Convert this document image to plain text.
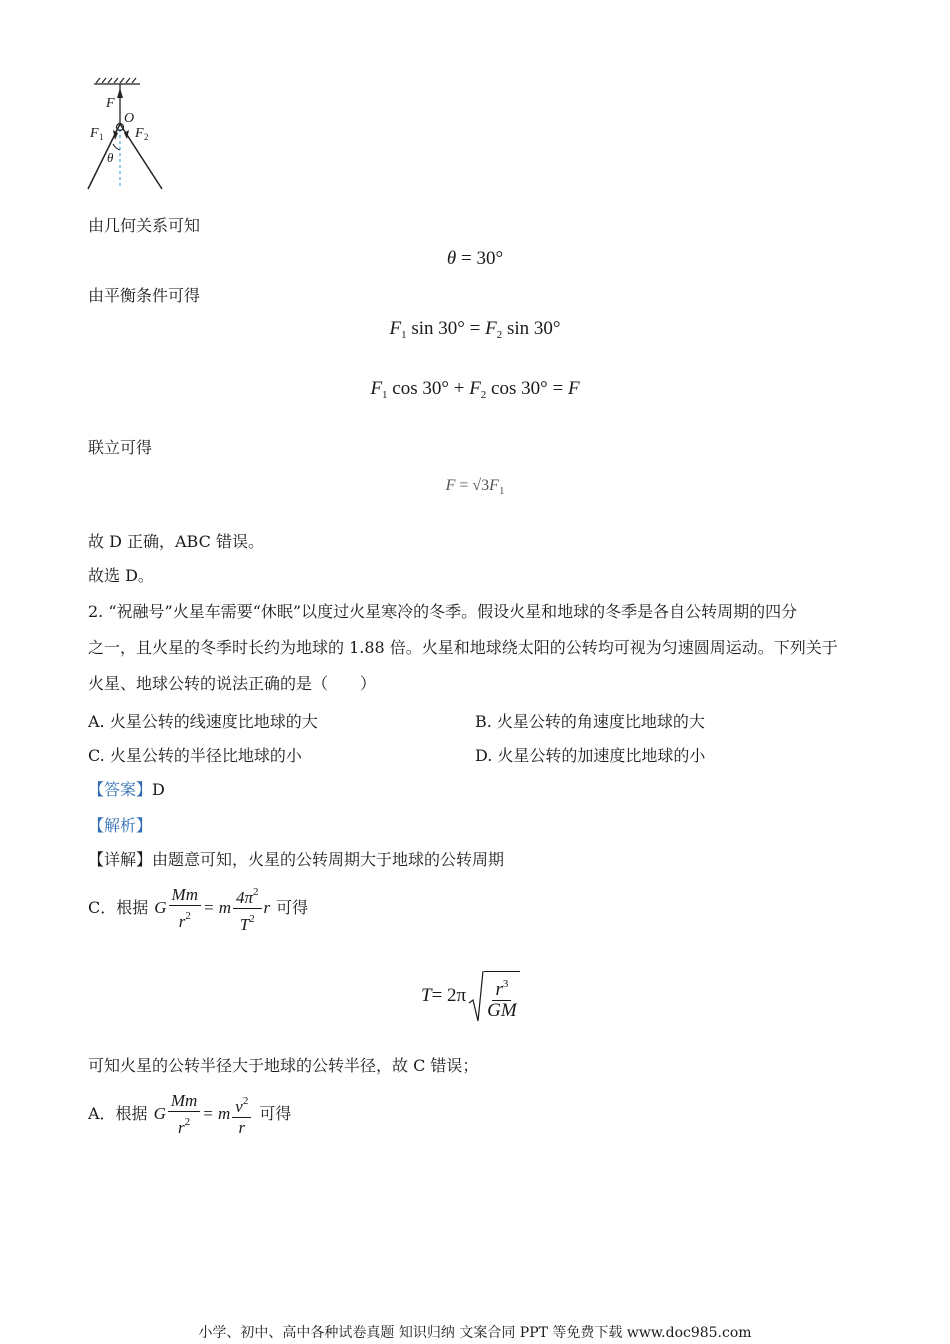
F
O
F 1 F 2
θ
由几何关系可知
θ = 30°
由平衡条件可得
$F_1$ $\sin 30^\circ = F_2$ sin 30°
$F_1$ $\cos 30^\circ + F_2$ cos 30° = F
联立可得
$F = √3F_1$
故 D 正确，ABC 错误。
故选 D。
2. “祝融号”火星车需要“休眠”以度过火星寒冷的冬季。假设火星和地球的冬季是各自公转周期的四分
之一，且火星的冬季时长约为地球的 1.88 倍。火星和地球绕太阳的公转均可视为匀速圆周运动。下列关于
火星、地球公转的说法正确的是（　　）
A. 火星公转的线速度比地球的大	B. 火星公转的角速度比地球的大
C. 火星公转的半径比地球的小	D. 火星公转的加速度比地球的小
【答案】D
【解析】
【详解】由题意可知，火星的公转周期大于地球的公转周期
C．根据 G $\frac{Mm}{r^2} = m \frac{4\pi^2}{T^2}$ r 可得
$T = 2\pi \frac{r^3}{GM}$
可知火星的公转半径大于地球的公转半径，故 C 错误；
A．根据 G $\frac{Mm}{r^2} = m \frac{v^2}{r}$ 可得
小学、初中、高中各种试卷真题 知识归纳 文案合同 PPT 等免费下载 www.doc985.com
